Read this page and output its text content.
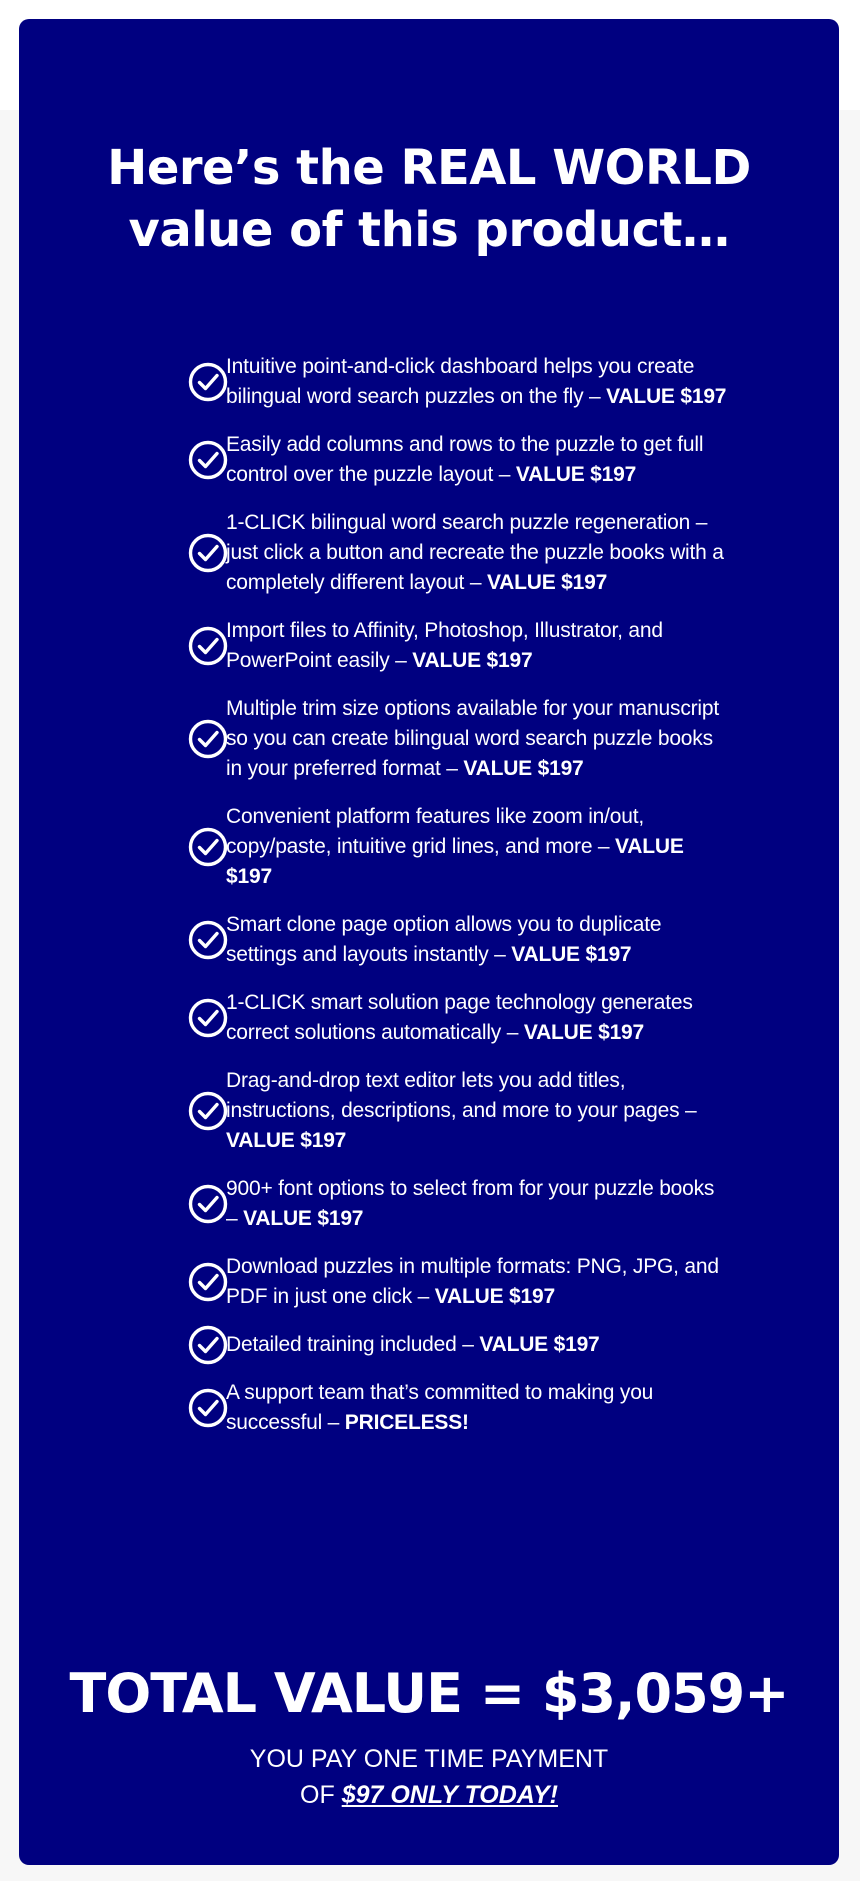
Here’s the REAL WORLD
value of this product…
Intuitive point-and-click dashboard helps you create bilingual word search puzzles on the fly – VALUE $197
Easily add columns and rows to the puzzle to get full control over the puzzle layout – VALUE $197
1-CLICK bilingual word search puzzle regeneration – just click a button and recreate the puzzle books with a completely different layout – VALUE $197
Import files to Affinity, Photoshop, Illustrator, and PowerPoint easily – VALUE $197
Multiple trim size options available for your manuscript so you can create bilingual word search puzzle books in your preferred format – VALUE $197
Convenient platform features like zoom in/out, copy/paste, intuitive grid lines, and more – VALUE $197
Smart clone page option allows you to duplicate settings and layouts instantly – VALUE $197
1-CLICK smart solution page technology generates correct solutions automatically – VALUE $197
Drag-and-drop text editor lets you add titles, instructions, descriptions, and more to your pages – VALUE $197
900+ font options to select from for your puzzle books – VALUE $197
Download puzzles in multiple formats: PNG, JPG, and PDF in just one click – VALUE $197
Detailed training included – VALUE $197
A support team that’s committed to making you successful – PRICELESS!

TOTAL VALUE = $3,059+

YOU PAY ONE TIME PAYMENT
OF $97 ONLY TODAY!
